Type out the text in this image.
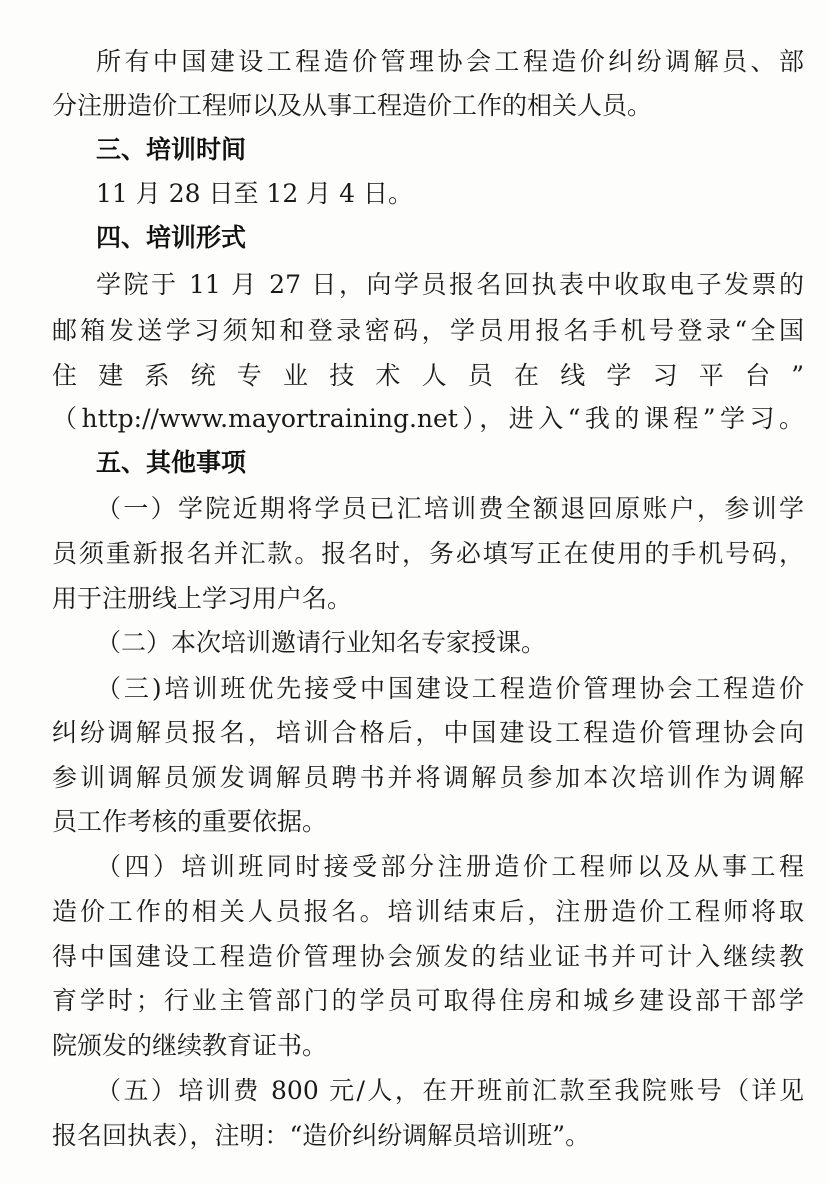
所有中国建设工程造价管理协会工程造价纠纷调解员、部
分注册造价工程师以及从事工程造价工作的相关人员。
三、培训时间
11 月 28 日至 12 月 4 日。
四、培训形式
学院于 11 月 27 日，向学员报名回执表中收取电子发票的
邮箱发送学习须知和登录密码，学员用报名手机号登录“全国
住 建 系 统 专 业 技 术 人 员 在 线 学 习 平 台 ”
（http://www.mayortraining.net），进入“我的课程”学习。
五、其他事项
（一）学院近期将学员已汇培训费全额退回原账户，参训学
员须重新报名并汇款。报名时，务必填写正在使用的手机号码，
用于注册线上学习用户名。
（二）本次培训邀请行业知名专家授课。
（三)培训班优先接受中国建设工程造价管理协会工程造价
纠纷调解员报名，培训合格后，中国建设工程造价管理协会向
参训调解员颁发调解员聘书并将调解员参加本次培训作为调解
员工作考核的重要依据。
（四）培训班同时接受部分注册造价工程师以及从事工程
造价工作的相关人员报名。培训结束后，注册造价工程师将取
得中国建设工程造价管理协会颁发的结业证书并可计入继续教
育学时；行业主管部门的学员可取得住房和城乡建设部干部学
院颁发的继续教育证书。
（五）培训费 800 元/人，在开班前汇款至我院账号（详见
报名回执表），注明：“造价纠纷调解员培训班”。
